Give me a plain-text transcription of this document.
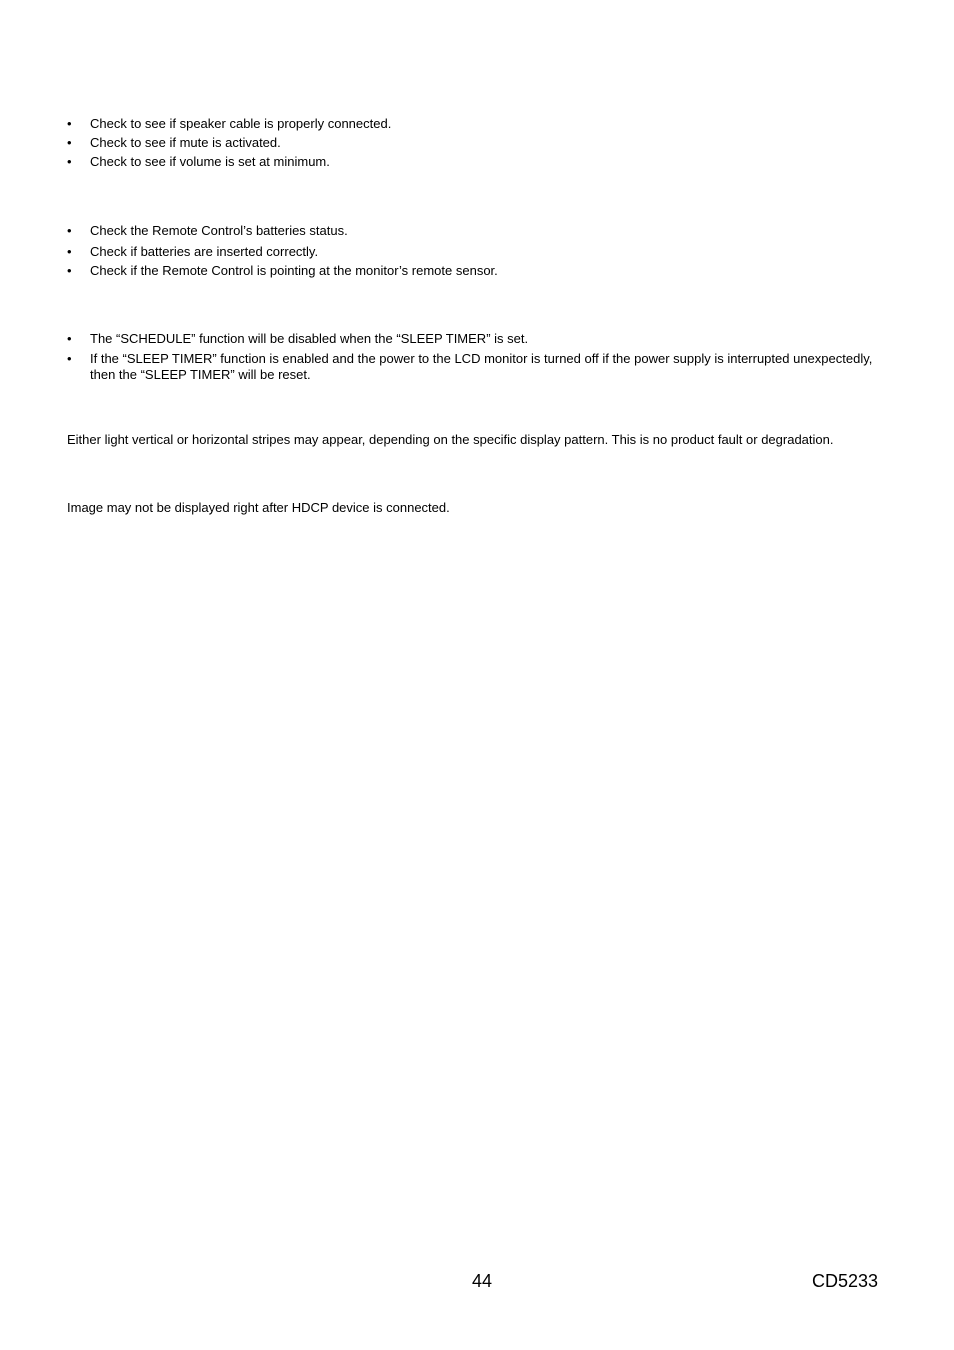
• Check to see if speaker cable is properly connected.
• Check to see if mute is activated.
• Check to see if volume is set at minimum.
• Check the Remote Control’s batteries status.
• Check if batteries are inserted correctly.
• Check if the Remote Control is pointing at the monitor’s remote sensor.
• The “SCHEDULE” function will be disabled when the “SLEEP TIMER” is set.
• If the “SLEEP TIMER” function is enabled and the power to the LCD monitor is turned off if the power supply is interrupted unexpectedly, then the “SLEEP TIMER” will be reset.

Either light vertical or horizontal stripes may appear, depending on the specific display pattern. This is no product fault or degradation.

Image may not be displayed right after HDCP device is connected.

44	CD5233
